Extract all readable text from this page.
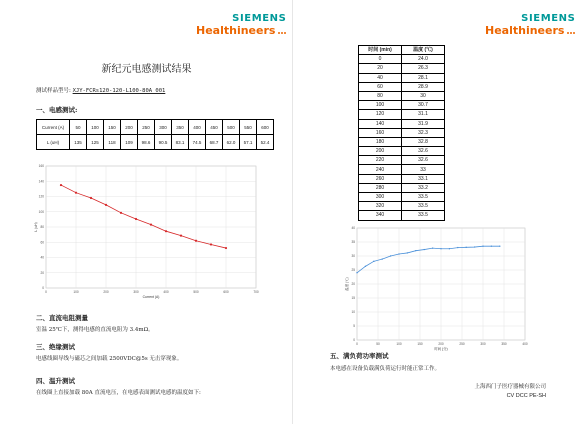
SIEMENS
Healthineers
新纪元电感测试结果
测试样品型号: XJY-FCRs120-120-L100-80A 001
一、电感测试:
Current (A)	50	100	150	200	250	300	350	400	450	500	550	600
L (uH)	135	125	118	109	98.6	90.5	83.1	74.5	68.7	62.0	57.1	52.4
0	100	200	300	400	500	600	700
0
20
40
60
80
100
120
140
160
Current (A)
L (uH)
二、直流电阻测量
室温 25℃下，测得电感的直流电阻为 3.4mΩ。
三、绝缘测试
电感线圈导线与磁芯之间加载 2500VDC@5s 无击穿现象。
四、温升测试
在线圈上直接加载 80A 直流电压，在电感表面测试电感的温度如下:
SIEMENS
Healthineers
时间 (min)	温度 (℃)
0	24.0
20	26.3
40	28.1
60	28.9
80	30
100	30.7
120	31.1
140	31.9
160	32.3
180	32.8
200	32.6
220	32.6
240	33
260	33.1
280	33.2
300	33.5
320	33.5
340	33.5
0	50	100	150	200	250	300	350	400
0
5
10
15
20
25
30
35
40
时间 (分)
温度 (℃)
五、满负荷功率测试
本电感在设备负载满负荷运行时能正常工作。
上海西门子医疗器械有限公司
CV DCC PE-SH
